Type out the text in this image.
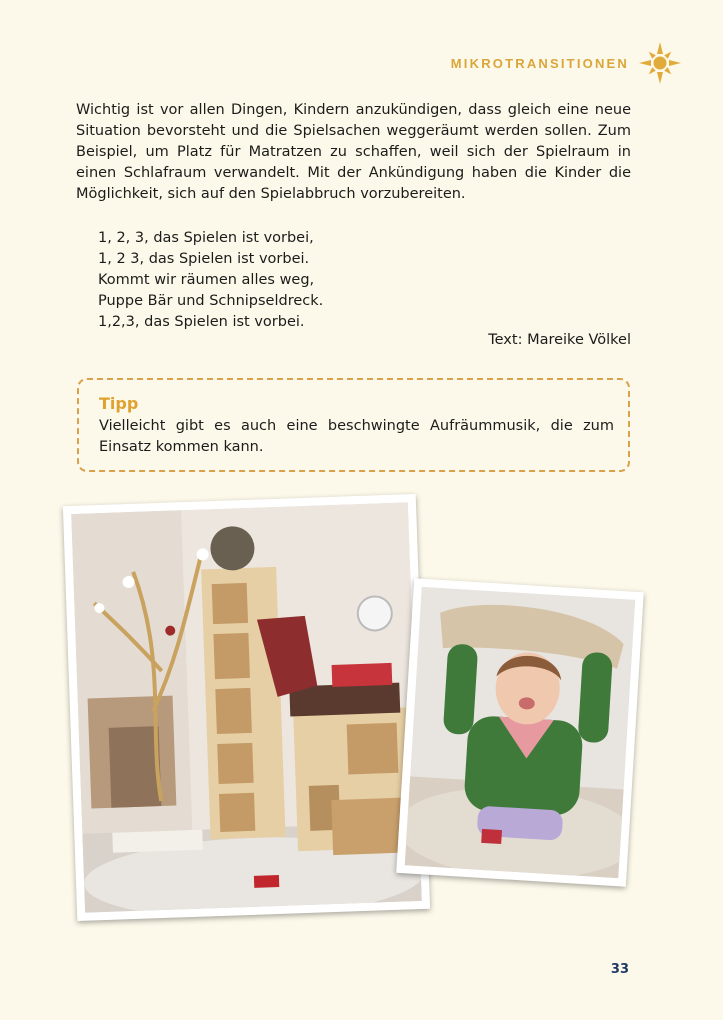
MIKROTRANSITIONEN

Wichtig ist vor allen Dingen, Kindern anzukündigen, dass gleich eine neue Situation bevorsteht und die Spielsachen weggeräumt werden sollen. Zum Beispiel, um Platz für Matratzen zu schaffen, weil sich der Spielraum in einen Schlafraum verwandelt. Mit der Ankündigung haben die Kinder die Möglichkeit, sich auf den Spielabbruch vorzubereiten.

1, 2, 3, das Spielen ist vorbei,
1, 2 3, das Spielen ist vorbei.
Kommt wir räumen alles weg,
Puppe Bär und Schnipseldreck.
1,2,3, das Spielen ist vorbei.
Text: Mareike Völkel
Tipp
Vielleicht gibt es auch eine beschwingte Aufräummusik, die zum Einsatz kommen kann.
33
